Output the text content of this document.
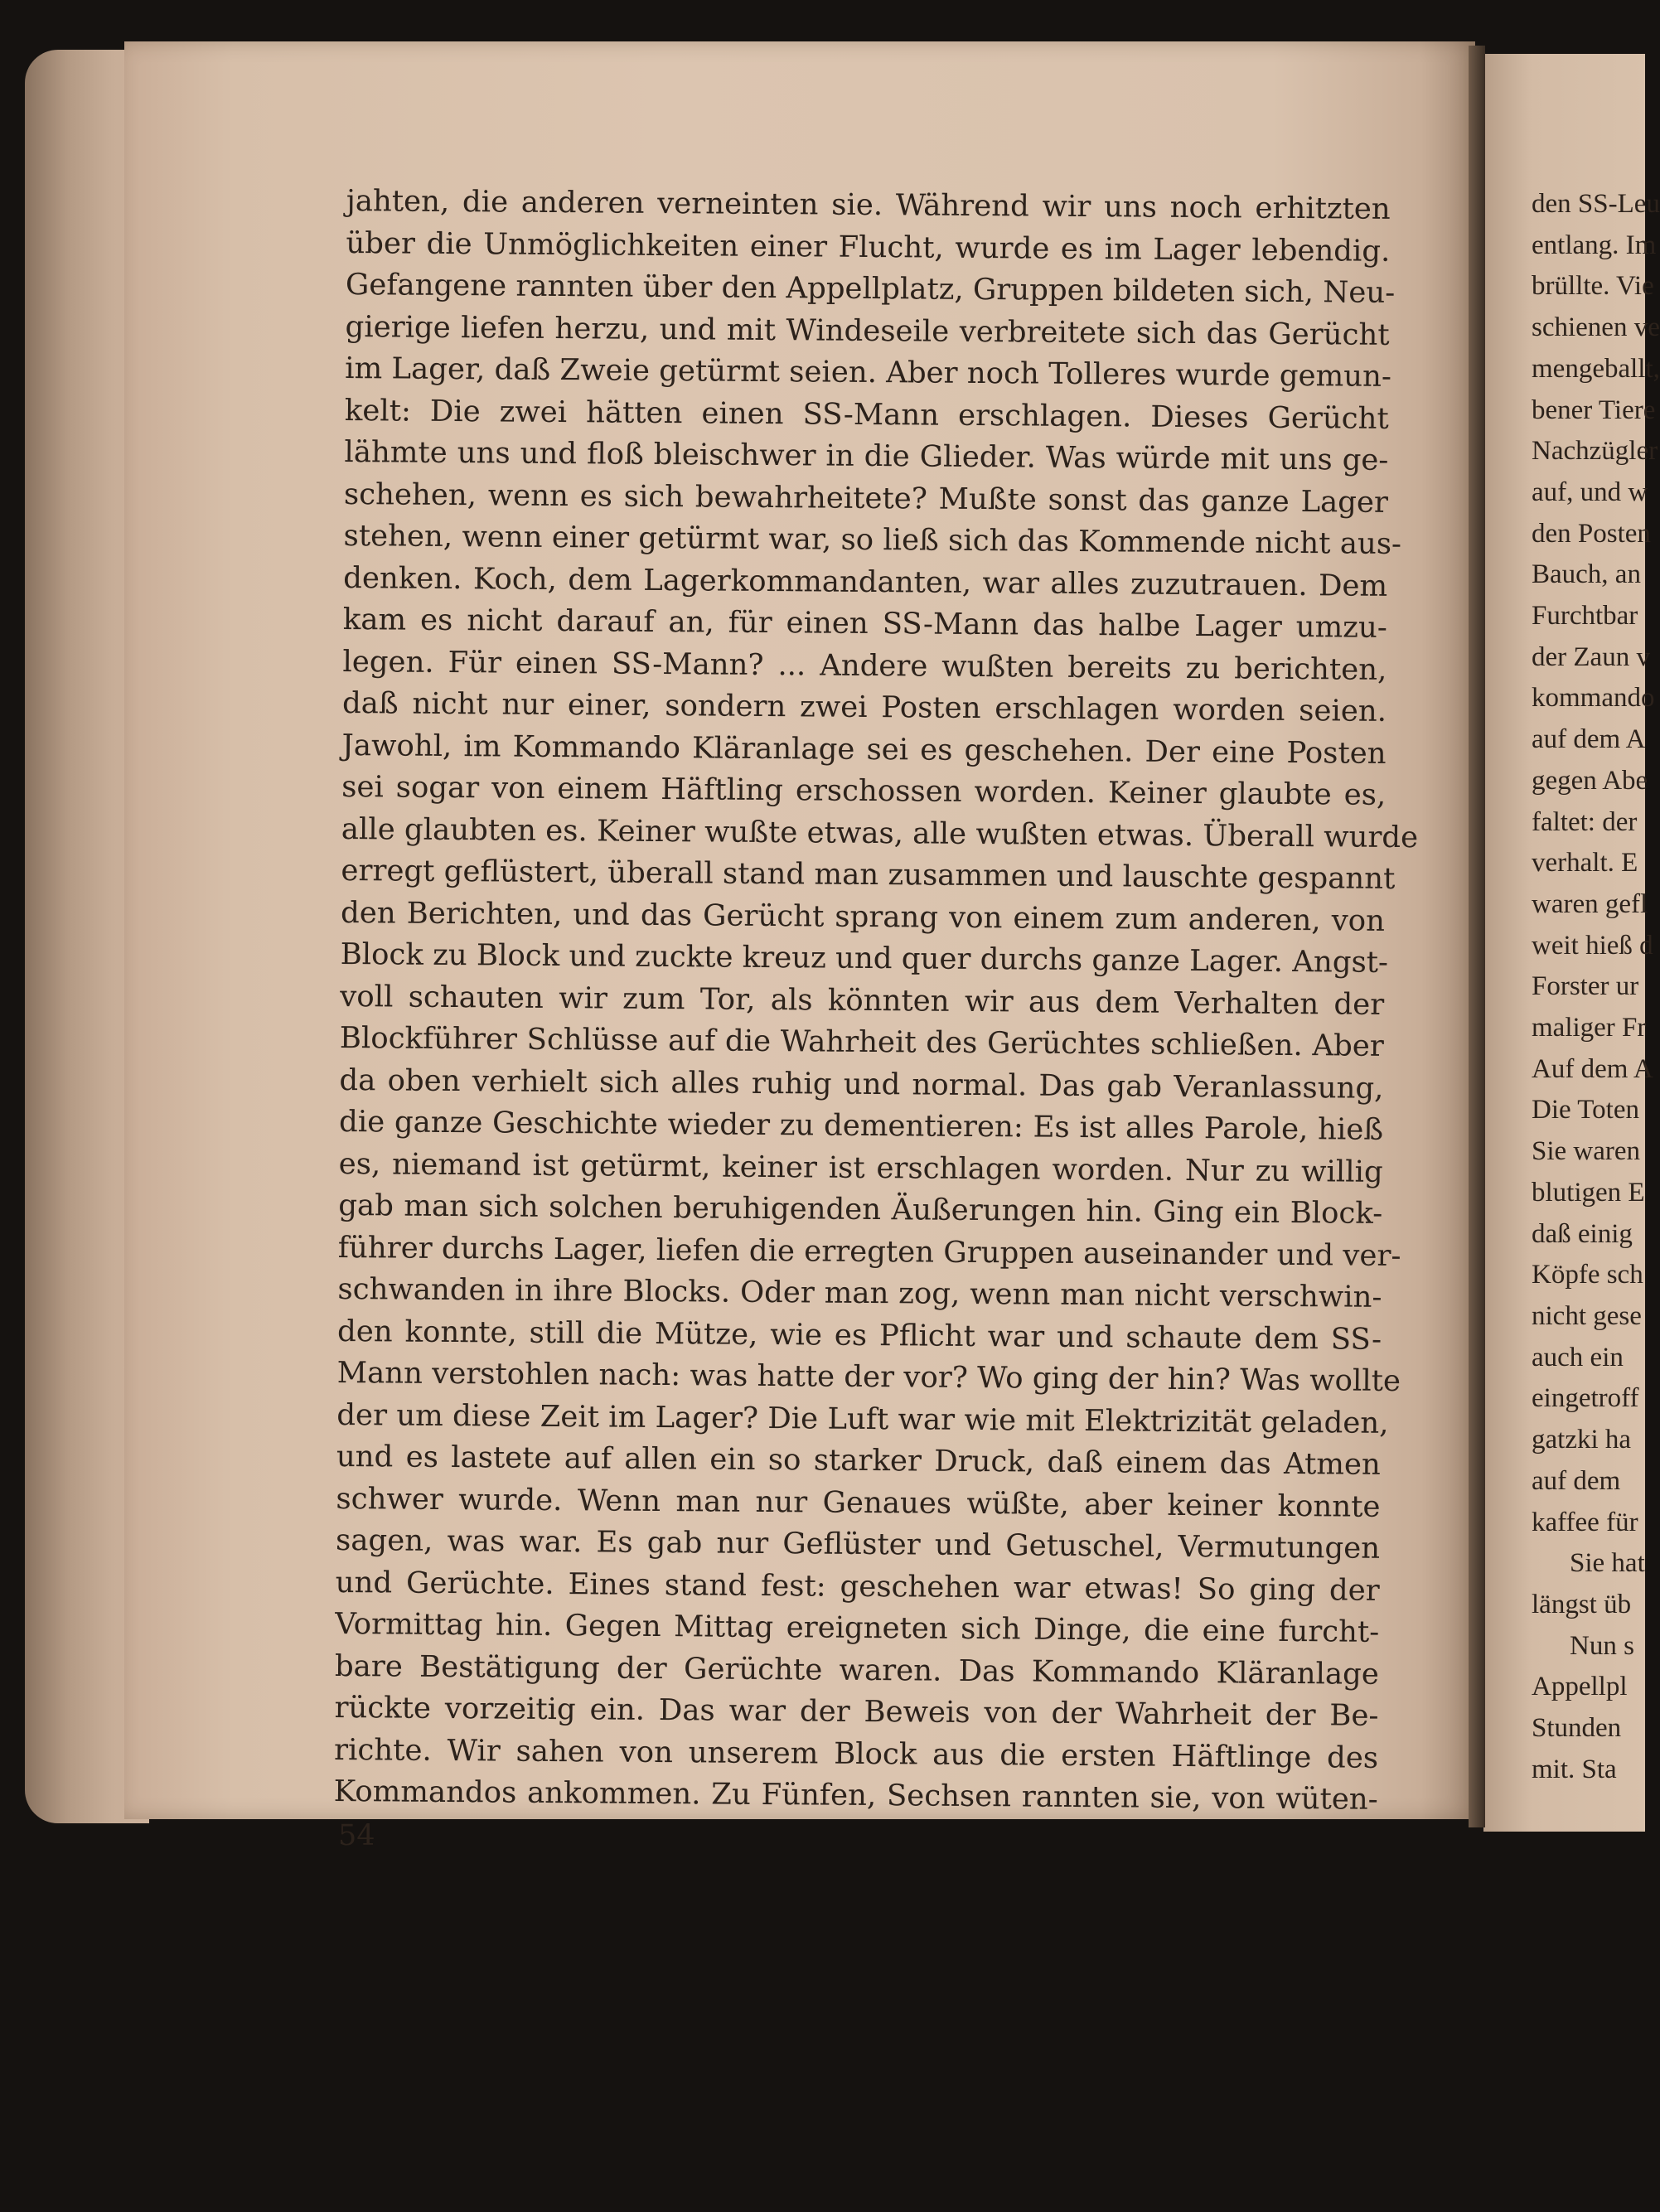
jahten, die anderen verneinten sie. Während wir uns noch erhitzten
über die Unmöglichkeiten einer Flucht, wurde es im Lager lebendig.
Gefangene rannten über den Appellplatz, Gruppen bildeten sich, Neu-
gierige liefen herzu, und mit Windeseile verbreitete sich das Gerücht
im Lager, daß Zweie getürmt seien. Aber noch Tolleres wurde gemun-
kelt: Die zwei hätten einen SS-Mann erschlagen. Dieses Gerücht
lähmte uns und floß bleischwer in die Glieder. Was würde mit uns ge-
schehen, wenn es sich bewahrheitete? Mußte sonst das ganze Lager
stehen, wenn einer getürmt war, so ließ sich das Kommende nicht aus-
denken. Koch, dem Lagerkommandanten, war alles zuzutrauen. Dem
kam es nicht darauf an, für einen SS-Mann das halbe Lager umzu-
legen. Für einen SS-Mann? ... Andere wußten bereits zu berichten,
daß nicht nur einer, sondern zwei Posten erschlagen worden seien.
Jawohl, im Kommando Kläranlage sei es geschehen. Der eine Posten
sei sogar von einem Häftling erschossen worden. Keiner glaubte es,
alle glaubten es. Keiner wußte etwas, alle wußten etwas. Überall wurde
erregt geflüstert, überall stand man zusammen und lauschte gespannt
den Berichten, und das Gerücht sprang von einem zum anderen, von
Block zu Block und zuckte kreuz und quer durchs ganze Lager. Angst-
voll schauten wir zum Tor, als könnten wir aus dem Verhalten der
Blockführer Schlüsse auf die Wahrheit des Gerüchtes schließen. Aber
da oben verhielt sich alles ruhig und normal. Das gab Veranlassung,
die ganze Geschichte wieder zu dementieren: Es ist alles Parole, hieß
es, niemand ist getürmt, keiner ist erschlagen worden. Nur zu willig
gab man sich solchen beruhigenden Äußerungen hin. Ging ein Block-
führer durchs Lager, liefen die erregten Gruppen auseinander und ver-
schwanden in ihre Blocks. Oder man zog, wenn man nicht verschwin-
den konnte, still die Mütze, wie es Pflicht war und schaute dem SS-
Mann verstohlen nach: was hatte der vor? Wo ging der hin? Was wollte
der um diese Zeit im Lager? Die Luft war wie mit Elektrizität geladen,
und es lastete auf allen ein so starker Druck, daß einem das Atmen
schwer wurde. Wenn man nur Genaues wüßte, aber keiner konnte
sagen, was war. Es gab nur Geflüster und Getuschel, Vermutungen
und Gerüchte. Eines stand fest: geschehen war etwas! So ging der
Vormittag hin. Gegen Mittag ereigneten sich Dinge, die eine furcht-
bare Bestätigung der Gerüchte waren. Das Kommando Kläranlage
rückte vorzeitig ein. Das war der Beweis von der Wahrheit der Be-
richte. Wir sahen von unserem Block aus die ersten Häftlinge des
Kommandos ankommen. Zu Fünfen, Sechsen rannten sie, von wüten-
54
den SS-Leu
entlang. Im
brüllte. Vie
schienen ve
mengeballt,
bener Tiere
Nachzügler
auf, und w
den Posten
Bauch, an
Furchtbar
der Zaun v
kommando
auf dem A
gegen Abe
faltet: der
verhalt. E
waren gefl
weit hieß d
Forster ur
maliger Fr
Auf dem A
Die Toten
Sie waren
blutigen E
daß einig
Köpfe sch
nicht gese
auch ein
eingetroff
gatzki ha
auf dem
kaffee für
Sie hat
längst üb
Nun s
Appellpl
Stunden
mit. Sta
